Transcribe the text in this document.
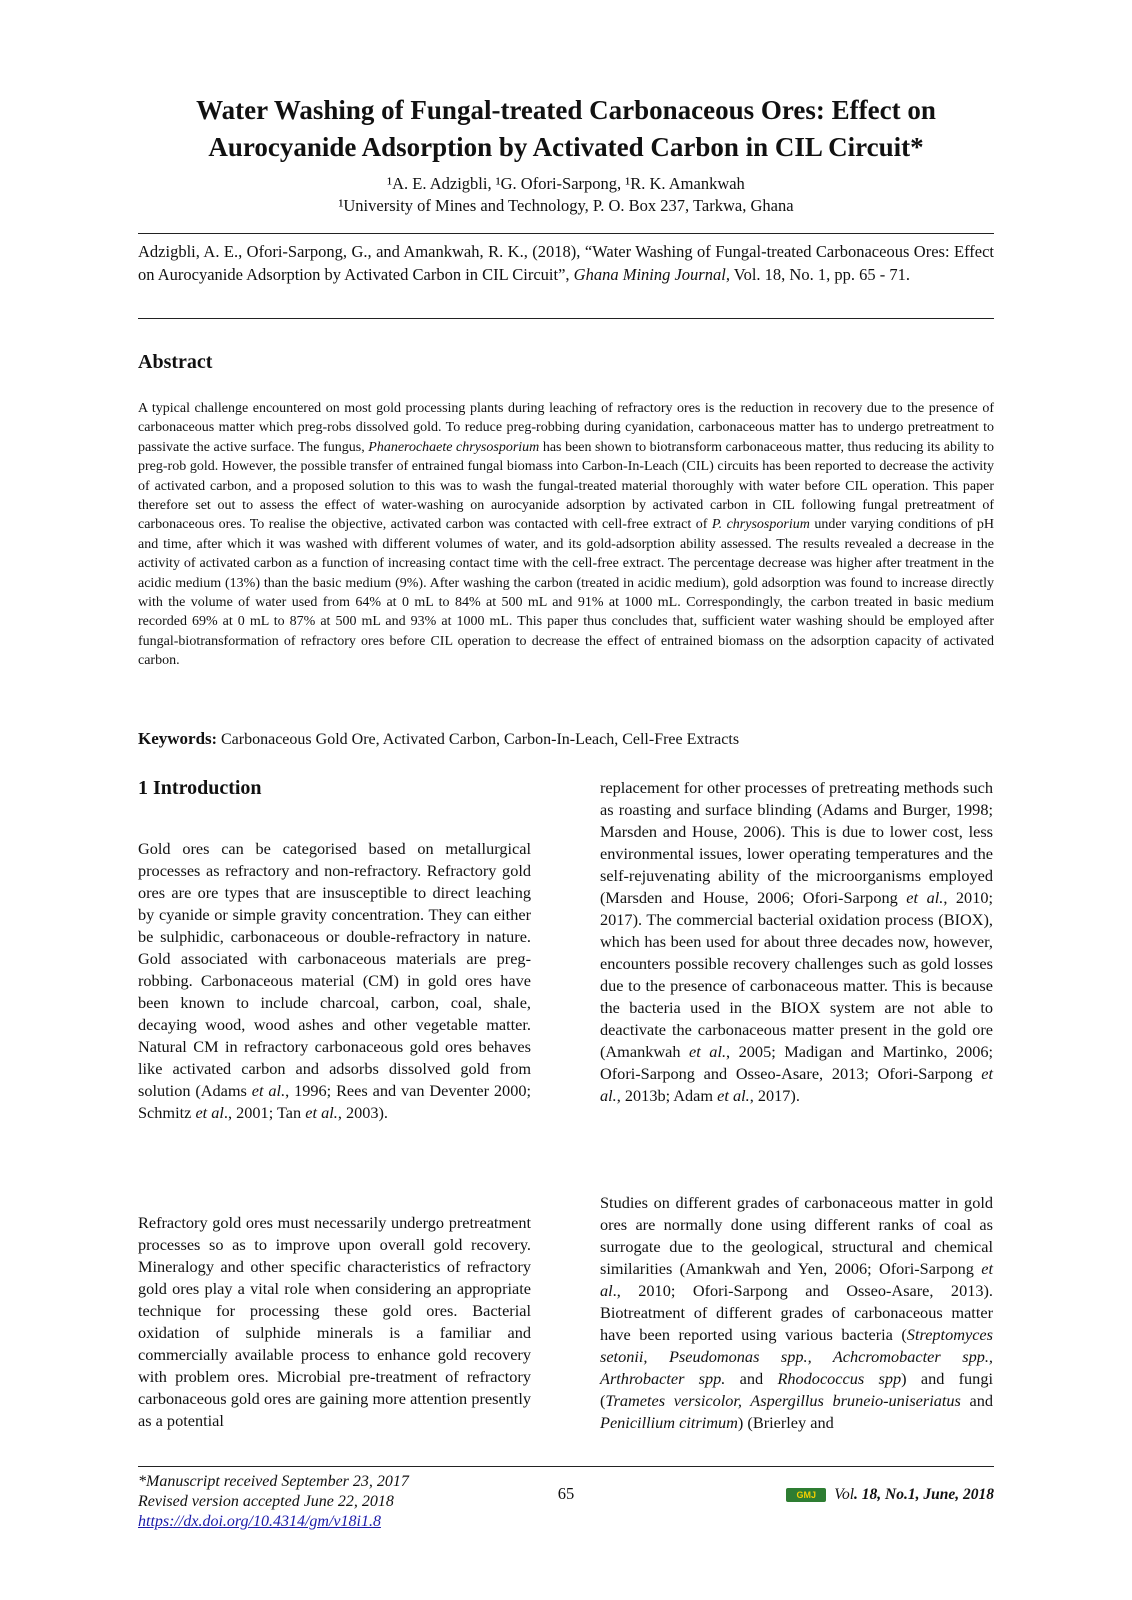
Water Washing of Fungal-treated Carbonaceous Ores: Effect on Aurocyanide Adsorption by Activated Carbon in CIL Circuit*
¹A. E. Adzigbli, ¹G. Ofori-Sarpong, ¹R. K. Amankwah
¹University of Mines and Technology, P. O. Box 237, Tarkwa, Ghana
Adzigbli, A. E., Ofori-Sarpong, G., and Amankwah, R. K., (2018), “Water Washing of Fungal-treated Carbonaceous Ores: Effect on Aurocyanide Adsorption by Activated Carbon in CIL Circuit”, Ghana Mining Journal, Vol. 18, No. 1, pp. 65 - 71.
Abstract
A typical challenge encountered on most gold processing plants during leaching of refractory ores is the reduction in recovery due to the presence of carbonaceous matter which preg-robs dissolved gold. To reduce preg-robbing during cyanidation, carbonaceous matter has to undergo pretreatment to passivate the active surface. The fungus, Phanerochaete chrysosporium has been shown to biotransform carbonaceous matter, thus reducing its ability to preg-rob gold. However, the possible transfer of entrained fungal biomass into Carbon-In-Leach (CIL) circuits has been reported to decrease the activity of activated carbon, and a proposed solution to this was to wash the fungal-treated material thoroughly with water before CIL operation. This paper therefore set out to assess the effect of water-washing on aurocyanide adsorption by activated carbon in CIL following fungal pretreatment of carbonaceous ores. To realise the objective, activated carbon was contacted with cell-free extract of P. chrysosporium under varying conditions of pH and time, after which it was washed with different volumes of water, and its gold-adsorption ability assessed. The results revealed a decrease in the activity of activated carbon as a function of increasing contact time with the cell-free extract. The percentage decrease was higher after treatment in the acidic medium (13%) than the basic medium (9%). After washing the carbon (treated in acidic medium), gold adsorption was found to increase directly with the volume of water used from 64% at 0 mL to 84% at 500 mL and 91% at 1000 mL. Correspondingly, the carbon treated in basic medium recorded 69% at 0 mL to 87% at 500 mL and 93% at 1000 mL. This paper thus concludes that, sufficient water washing should be employed after fungal-biotransformation of refractory ores before CIL operation to decrease the effect of entrained biomass on the adsorption capacity of activated carbon.
Keywords: Carbonaceous Gold Ore, Activated Carbon, Carbon-In-Leach, Cell-Free Extracts
1 Introduction

Gold ores can be categorised based on metallurgical processes as refractory and non-refractory. Refractory gold ores are ore types that are insusceptible to direct leaching by cyanide or simple gravity concentration. They can either be sulphidic, carbonaceous or double-refractory in nature. Gold associated with carbonaceous materials are preg-robbing. Carbonaceous material (CM) in gold ores have been known to include charcoal, carbon, coal, shale, decaying wood, wood ashes and other vegetable matter. Natural CM in refractory carbonaceous gold ores behaves like activated carbon and adsorbs dissolved gold from solution (Adams et al., 1996; Rees and van Deventer 2000; Schmitz et al., 2001; Tan et al., 2003).

Refractory gold ores must necessarily undergo pretreatment processes so as to improve upon overall gold recovery. Mineralogy and other specific characteristics of refractory gold ores play a vital role when considering an appropriate technique for processing these gold ores. Bacterial oxidation of sulphide minerals is a familiar and commercially available process to enhance gold recovery with problem ores. Microbial pre-treatment of refractory carbonaceous gold ores are gaining more attention presently as a potential

replacement for other processes of pretreating methods such as roasting and surface blinding (Adams and Burger, 1998; Marsden and House, 2006). This is due to lower cost, less environmental issues, lower operating temperatures and the self-rejuvenating ability of the microorganisms employed (Marsden and House, 2006; Ofori-Sarpong et al., 2010; 2017). The commercial bacterial oxidation process (BIOX), which has been used for about three decades now, however, encounters possible recovery challenges such as gold losses due to the presence of carbonaceous matter. This is because the bacteria used in the BIOX system are not able to deactivate the carbonaceous matter present in the gold ore (Amankwah et al., 2005; Madigan and Martinko, 2006; Ofori-Sarpong and Osseo-Asare, 2013; Ofori-Sarpong et al., 2013b; Adam et al., 2017).

Studies on different grades of carbonaceous matter in gold ores are normally done using different ranks of coal as surrogate due to the geological, structural and chemical similarities (Amankwah and Yen, 2006; Ofori-Sarpong et al., 2010; Ofori-Sarpong and Osseo-Asare, 2013). Biotreatment of different grades of carbonaceous matter have been reported using various bacteria (Streptomyces setonii, Pseudomonas spp., Achcromobacter spp., Arthrobacter spp. and Rhodococcus spp) and fungi (Trametes versicolor, Aspergillus bruneio-uniseriatus and Penicillium citrimum) (Brierley and

*Manuscript received September 23, 2017
Revised version accepted June 22, 2018
https://dx.doi.org/10.4314/gm/v18i1.8
65	GMJ	Vol. 18, No.1, June, 2018
